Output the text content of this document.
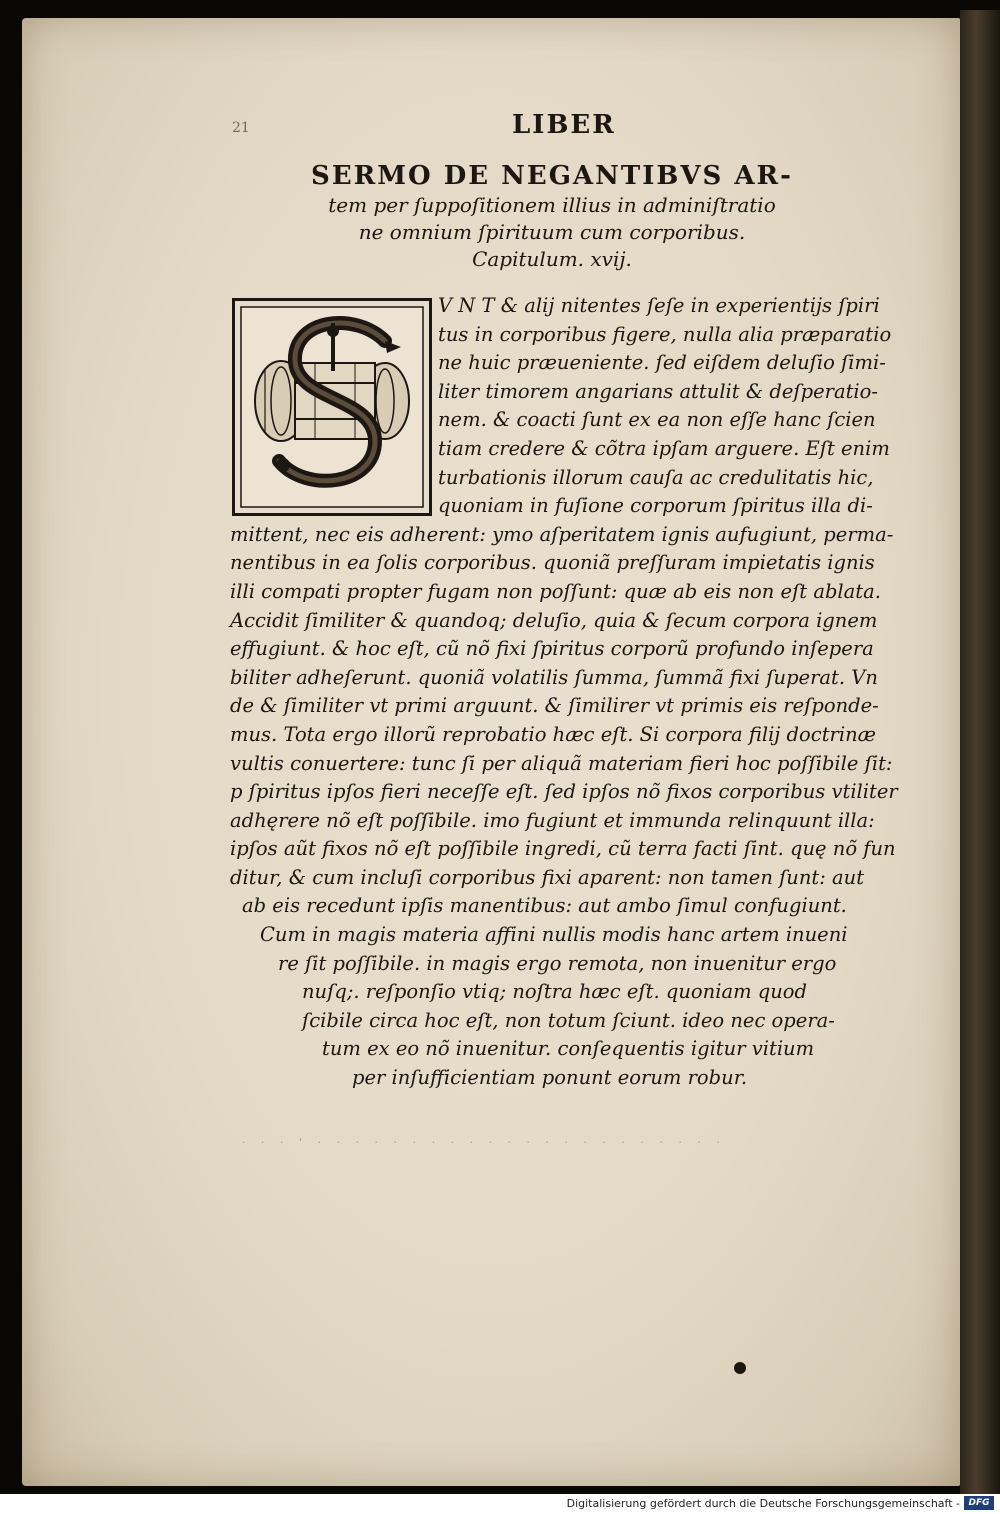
21	LIBER
SERMO DE NEGANTIBVS AR-
tem per ſuppoſitionem illius in adminiſtratio
ne omnium ſpirituum cum corporibus.
Capitulum. xvij.
V N T & alij nitentes ſeſe in experientijs ſpiri
tus in corporibus figere, nulla alia præparatio
ne huic præueniente. ſed eiſdem deluſio ſimi-
liter timorem angarians attulit & deſperatio-
nem. & coacti ſunt ex ea non eſſe hanc ſcien
tiam credere & cõtra ipſam arguere. Eſt enim
turbationis illorum cauſa ac credulitatis hic,
quoniam in fuſione corporum ſpiritus illa di-
mittent, nec eis adherent: ymo aſperitatem ignis aufugiunt, perma-
nentibus in ea ſolis corporibus. quoniã preſſuram impietatis ignis
illi compati propter fugam non poſſunt: quæ ab eis non eſt ablata.
Accidit ſimiliter & quandoq; deluſio, quia & ſecum corpora ignem
effugiunt. & hoc eſt, cũ nõ fixi ſpiritus corporũ profundo inſepera
biliter adheſerunt. quoniã volatilis ſumma, ſummã fixi ſuperat. Vn
de & ſimiliter vt primi arguunt. & ſimilirer vt primis eis reſponde-
mus. Tota ergo illorũ reprobatio hæc eſt. Si corpora filij doctrinæ
vultis conuertere: tunc ſi per aliquã materiam fieri hoc poſſibile ſit:
p ſpiritus ipſos fieri neceſſe eſt. ſed ipſos nõ fixos corporibus vtiliter
adhęrere nõ eſt poſſibile. imo fugiunt et immunda relinquunt illa:
ipſos aũt fixos nõ eſt poſſibile ingredi, cũ terra facti ſint. quę nõ fun
ditur, & cum incluſi corporibus fixi aparent: non tamen ſunt: aut
ab eis recedunt ipſis manentibus: aut ambo ſimul confugiunt.
Cum in magis materia affini nullis modis hanc artem inueni
re ſit poſſibile. in magis ergo remota, non inuenitur ergo
nuſq;. reſponſio vtiq; noſtra hæc eſt. quoniam quod
ſcibile circa hoc eſt, non totum ſciunt. ideo nec opera-
tum ex eo nõ inuenitur. conſequentis igitur vitium
per inſufficientiam ponunt eorum robur.
· · · ' · · · · · · · · · · · · · · · · · · · · · ·
Digitalisierung gefördert durch die Deutsche Forschungsgemeinschaft - DFG
